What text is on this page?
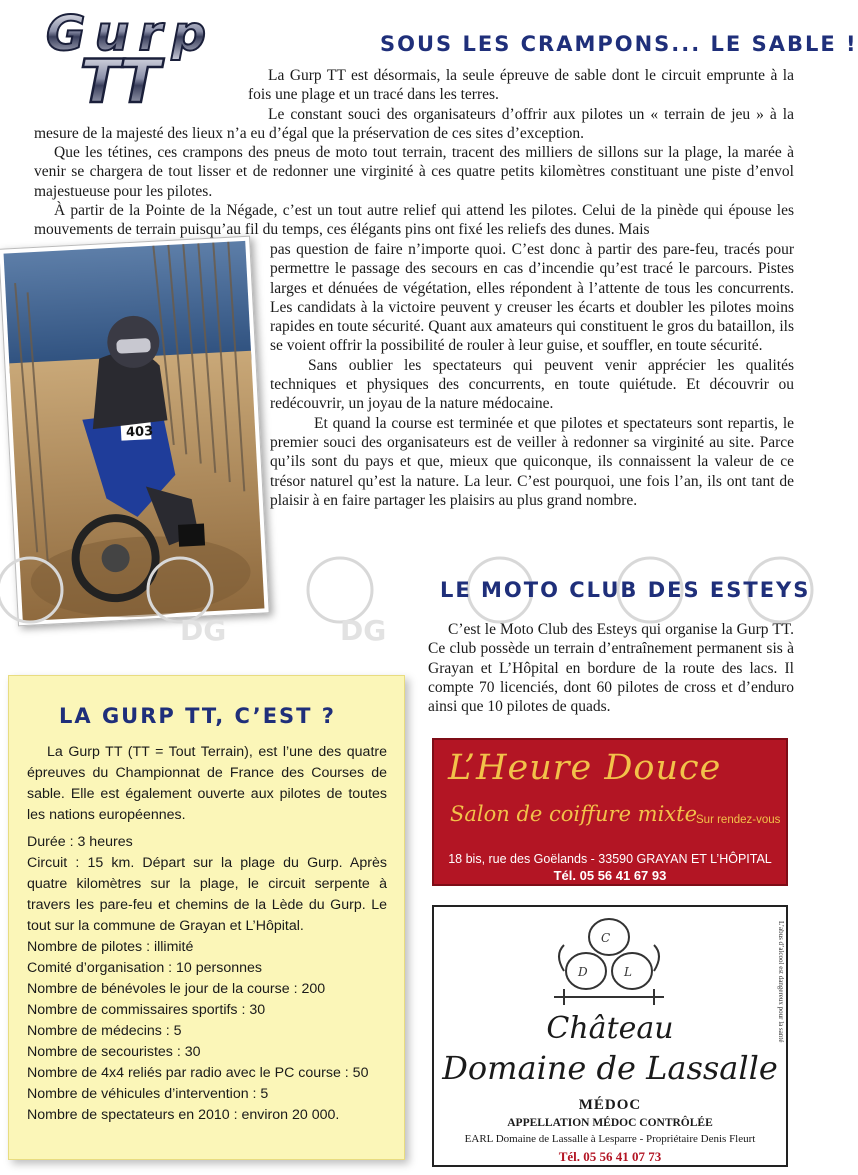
Gurp
TT
SOUS LES CRAMPONS... LE SABLE !

La Gurp TT est désormais, la seule épreuve de sable dont le circuit emprunte à la fois une plage et un tracé dans les terres.

Le constant souci des organisateurs d’offrir aux pilotes un « terrain de jeu » à la mesure de la majesté des lieux n’a eu d’égal que la préservation de ces sites d’exception.

Que les tétines, ces crampons des pneus de moto tout terrain, tracent des milliers de sillons sur la plage, la marée à venir se chargera de tout lisser et de redonner une virginité à ces quatre petits kilomètres constituant une piste d’envol majestueuse pour les pilotes.

À partir de la Pointe de la Négade, c’est un tout autre relief qui attend les pilotes. Celui de la pinède qui épouse les mouvements de terrain puisqu’au fil du temps, ces élégants pins ont fixé les reliefs des dunes. Mais

pas question de faire n’importe quoi. C’est donc à partir des pare-feu, tracés pour permettre le passage des secours en cas d’incendie qu’est tracé le parcours. Pistes larges et dénuées de végétation, elles répondent à l’attente de tous les concurrents. Les candidats à la victoire peuvent y creuser les écarts et doubler les pilotes moins rapides en toute sécurité. Quant aux amateurs qui constituent le gros du bataillon, ils se voient offrir la possibilité de rouler à leur guise, et souffler, en toute sécurité.

Sans oublier les spectateurs qui peuvent venir apprécier les qualités techniques et physiques des concurrents, en toute quiétude. Et découvrir ou redécouvrir, un joyau de la nature médocaine.

Et quand la course est terminée et que pilotes et spectateurs sont repartis, le premier souci des organisateurs est de veiller à redonner sa virginité au site. Parce qu’ils sont du pays et que, mieux que quiconque, ils connaissent la valeur de ce trésor naturel qu’est la nature. La leur. C’est pourquoi, une fois l’an, ils ont tant de plaisir à en faire partager les plaisirs au plus grand nombre.

403
DG
DG
LE MOTO CLUB DES ESTEYS

C’est le Moto Club des Esteys qui organise la Gurp TT. Ce club possède un terrain d’entraînement permanent sis à Grayan et L’Hôpital en bordure de la route des lacs. Il compte 70 licenciés, dont 60 pilotes de cross et d’enduro ainsi que 10 pilotes de quads.

LA GURP TT, C’EST ?

La Gurp TT (TT = Tout Terrain), est l’une des quatre épreuves du Championnat de France des Courses de sable. Elle est également ouverte aux pilotes de toutes les nations européennes.

Durée : 3 heures
Circuit : 15 km. Départ sur la plage du Gurp. Après quatre kilomètres sur la plage, le circuit serpente à travers les pare-feu et chemins de la Lède du Gurp. Le tout sur la commune de Grayan et L’Hôpital.
Nombre de pilotes : illimité
Comité d’organisation : 10 personnes
Nombre de bénévoles le jour de la course : 200
Nombre de commissaires sportifs : 30
Nombre de médecins : 5
Nombre de secouristes : 30
Nombre de 4x4 reliés par radio avec le PC course : 50
Nombre de véhicules d’intervention : 5
Nombre de spectateurs en 2010 : environ 20 000.
L’Heure Douce
Salon de coiffure mixte
Sur rendez-vous
18 bis, rue des Goëlands - 33590 GRAYAN ET L’HÔPITAL
Tél. 05 56 41 67 93
C
D	L
Château
Domaine de Lassalle
MÉDOC
APPELLATION MÉDOC CONTRÔLÉE
EARL Domaine de Lassalle à Lesparre - Propriétaire Denis Fleurt
Tél. 05 56 41 07 73
L’abus d’alcool est dangereux pour la santé
